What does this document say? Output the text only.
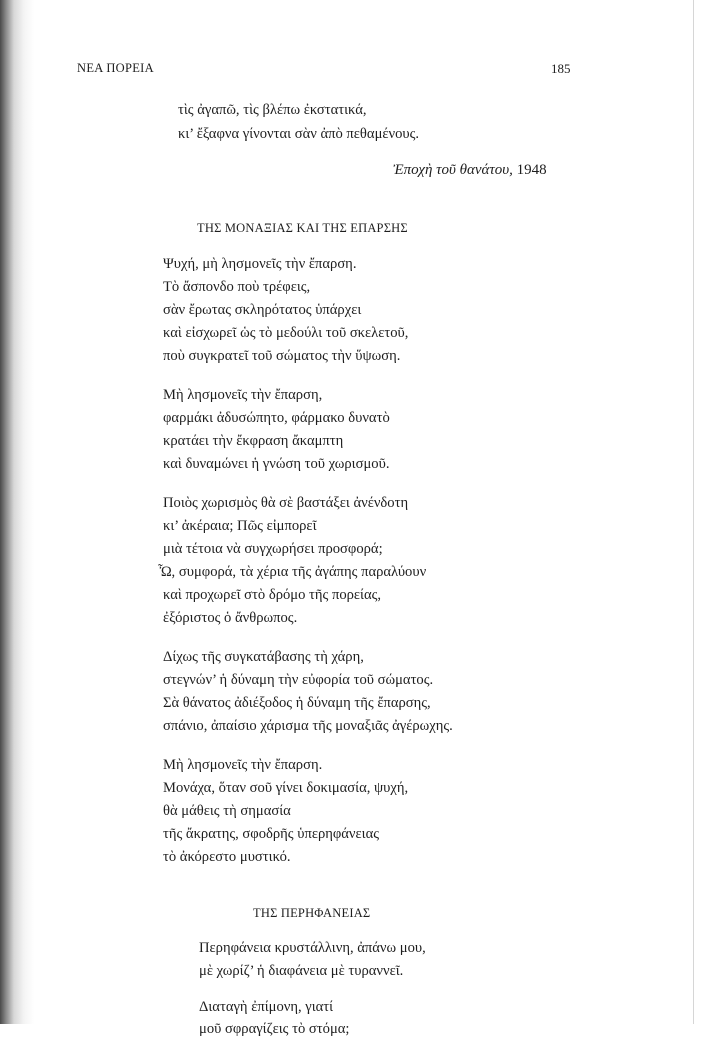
ΝΕΑ ΠΟΡΕΙΑ	185
τὶς ἀγαπῶ, τὶς βλέπω ἐκστατικά,
κι’ ἔξαφνα γίνονται σὰν ἀπὸ πεθαμένους.
Ἐποχὴ τοῦ θανάτου, 1948
ΤΗΣ ΜΟΝΑΞΙΑΣ ΚΑΙ ΤΗΣ ΕΠΑΡΣΗΣ
Ψυχή, μὴ λησμονεῖς τὴν ἔπαρση.
Τὸ ἄσπονδο ποὺ τρέφεις,
σὰν ἔρωτας σκληρότατος ὑπάρχει
καὶ εἰσχωρεῖ ὡς τὸ μεδούλι τοῦ σκελετοῦ,
ποὺ συγκρατεῖ τοῦ σώματος τὴν ὕψωση.
Μὴ λησμονεῖς τὴν ἔπαρση,
φαρμάκι ἀδυσώπητο, φάρμακο δυνατὸ
κρατάει τὴν ἔκφραση ἄκαμπτη
καὶ δυναμώνει ἡ γνώση τοῦ χωρισμοῦ.
Ποιὸς χωρισμὸς θὰ σὲ βαστάξει ἀνένδοτη
κι’ ἀκέραια; Πῶς εἰμπορεῖ
μιὰ τέτοια νὰ συγχωρήσει προσφορά;
Ὦ, συμφορά, τὰ χέρια τῆς ἀγάπης παραλύουν
καὶ προχωρεῖ στὸ δρόμο τῆς πορείας,
ἐξόριστος ὁ ἄνθρωπος.
Δίχως τῆς συγκατάβασης τὴ χάρη,
στεγνών’ ἡ δύναμη τὴν εὐφορία τοῦ σώματος.
Σὰ θάνατος ἀδιέξοδος ἡ δύναμη τῆς ἔπαρσης,
σπάνιο, ἀπαίσιο χάρισμα τῆς μοναξιᾶς ἀγέρωχης.
Μὴ λησμονεῖς τὴν ἔπαρση.
Μονάχα, ὅταν σοῦ γίνει δοκιμασία, ψυχή,
θὰ μάθεις τὴ σημασία
τῆς ἄκρατης, σφοδρῆς ὑπερηφάνειας
τὸ ἀκόρεστο μυστικό.
ΤΗΣ ΠΕΡΗΦΑΝΕΙΑΣ
Περηφάνεια κρυστάλλινη, ἀπάνω μου,
μὲ χωρίζ’ ἡ διαφάνεια μὲ τυραννεῖ.
Διαταγὴ ἐπίμονη, γιατί
μοῦ σφραγίζεις τὸ στόμα;
